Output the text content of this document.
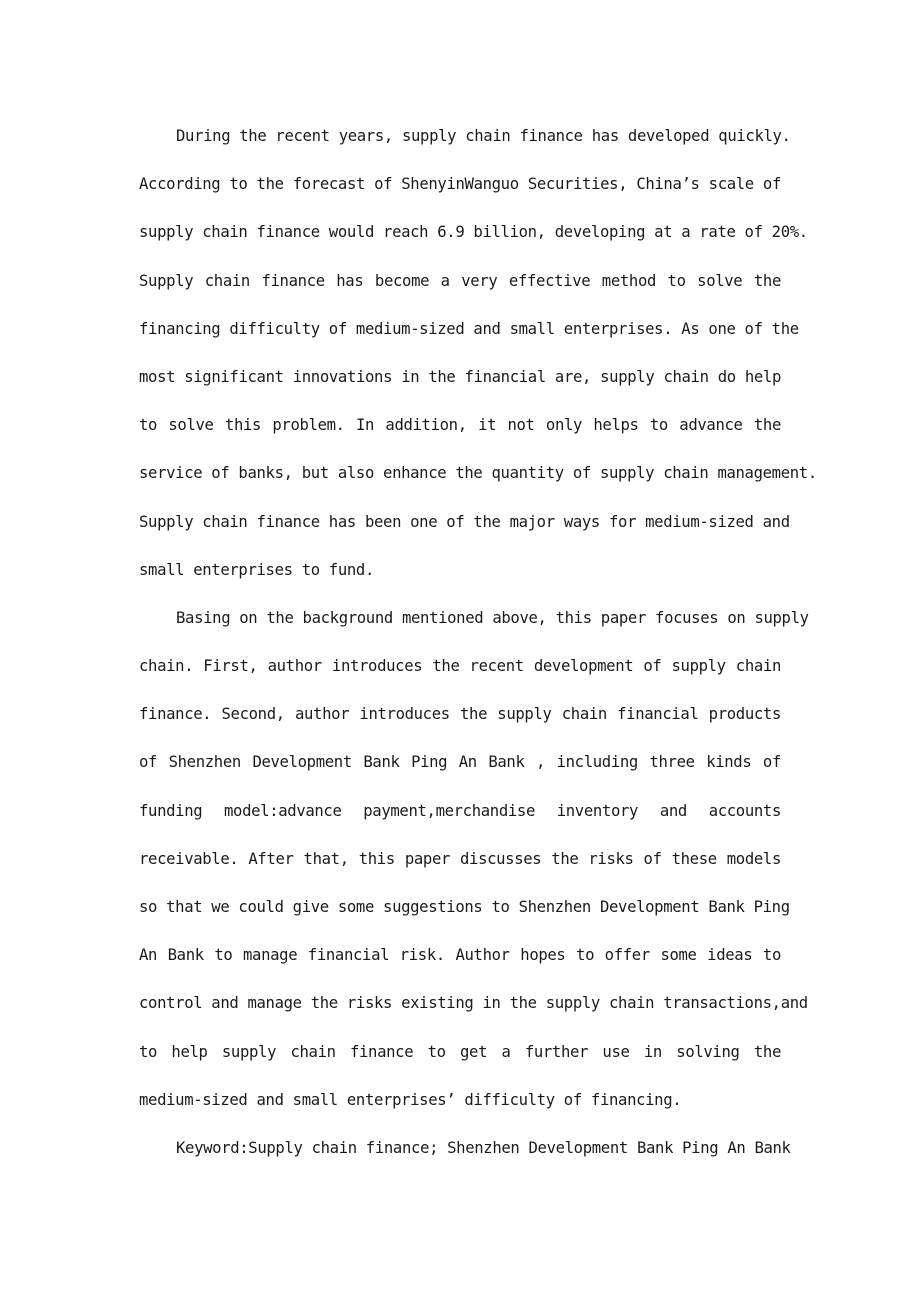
During the recent years, supply chain finance has developed quickly.
According to the forecast of ShenyinWanguo Securities, China’s scale of
supply chain finance would reach 6.9 billion, developing at a rate of 20%.
Supply chain finance has become a very effective method to solve the
financing difficulty of medium-sized and small enterprises. As one of the
most significant innovations in the financial are, supply chain do help
to solve this problem. In addition, it not only helps to advance the
service of banks, but also enhance the quantity of supply chain management.
Supply chain finance has been one of the major ways for medium-sized and
small enterprises to fund.
Basing on the background mentioned above, this paper focuses on supply
chain. First, author introduces the recent development of supply chain
finance. Second, author introduces the supply chain financial products
of Shenzhen Development Bank Ping An Bank , including three kinds of
funding model:advance payment,merchandise inventory and accounts
receivable. After that, this paper discusses the risks of these models
so that we could give some suggestions to Shenzhen Development Bank Ping
An Bank to manage financial risk. Author hopes to offer some ideas to
control and manage the risks existing in the supply chain transactions,and
to help supply chain finance to get a further use in solving the
medium-sized and small enterprises’ difficulty of financing.
Keyword:Supply chain finance; Shenzhen Development Bank Ping An Bank
